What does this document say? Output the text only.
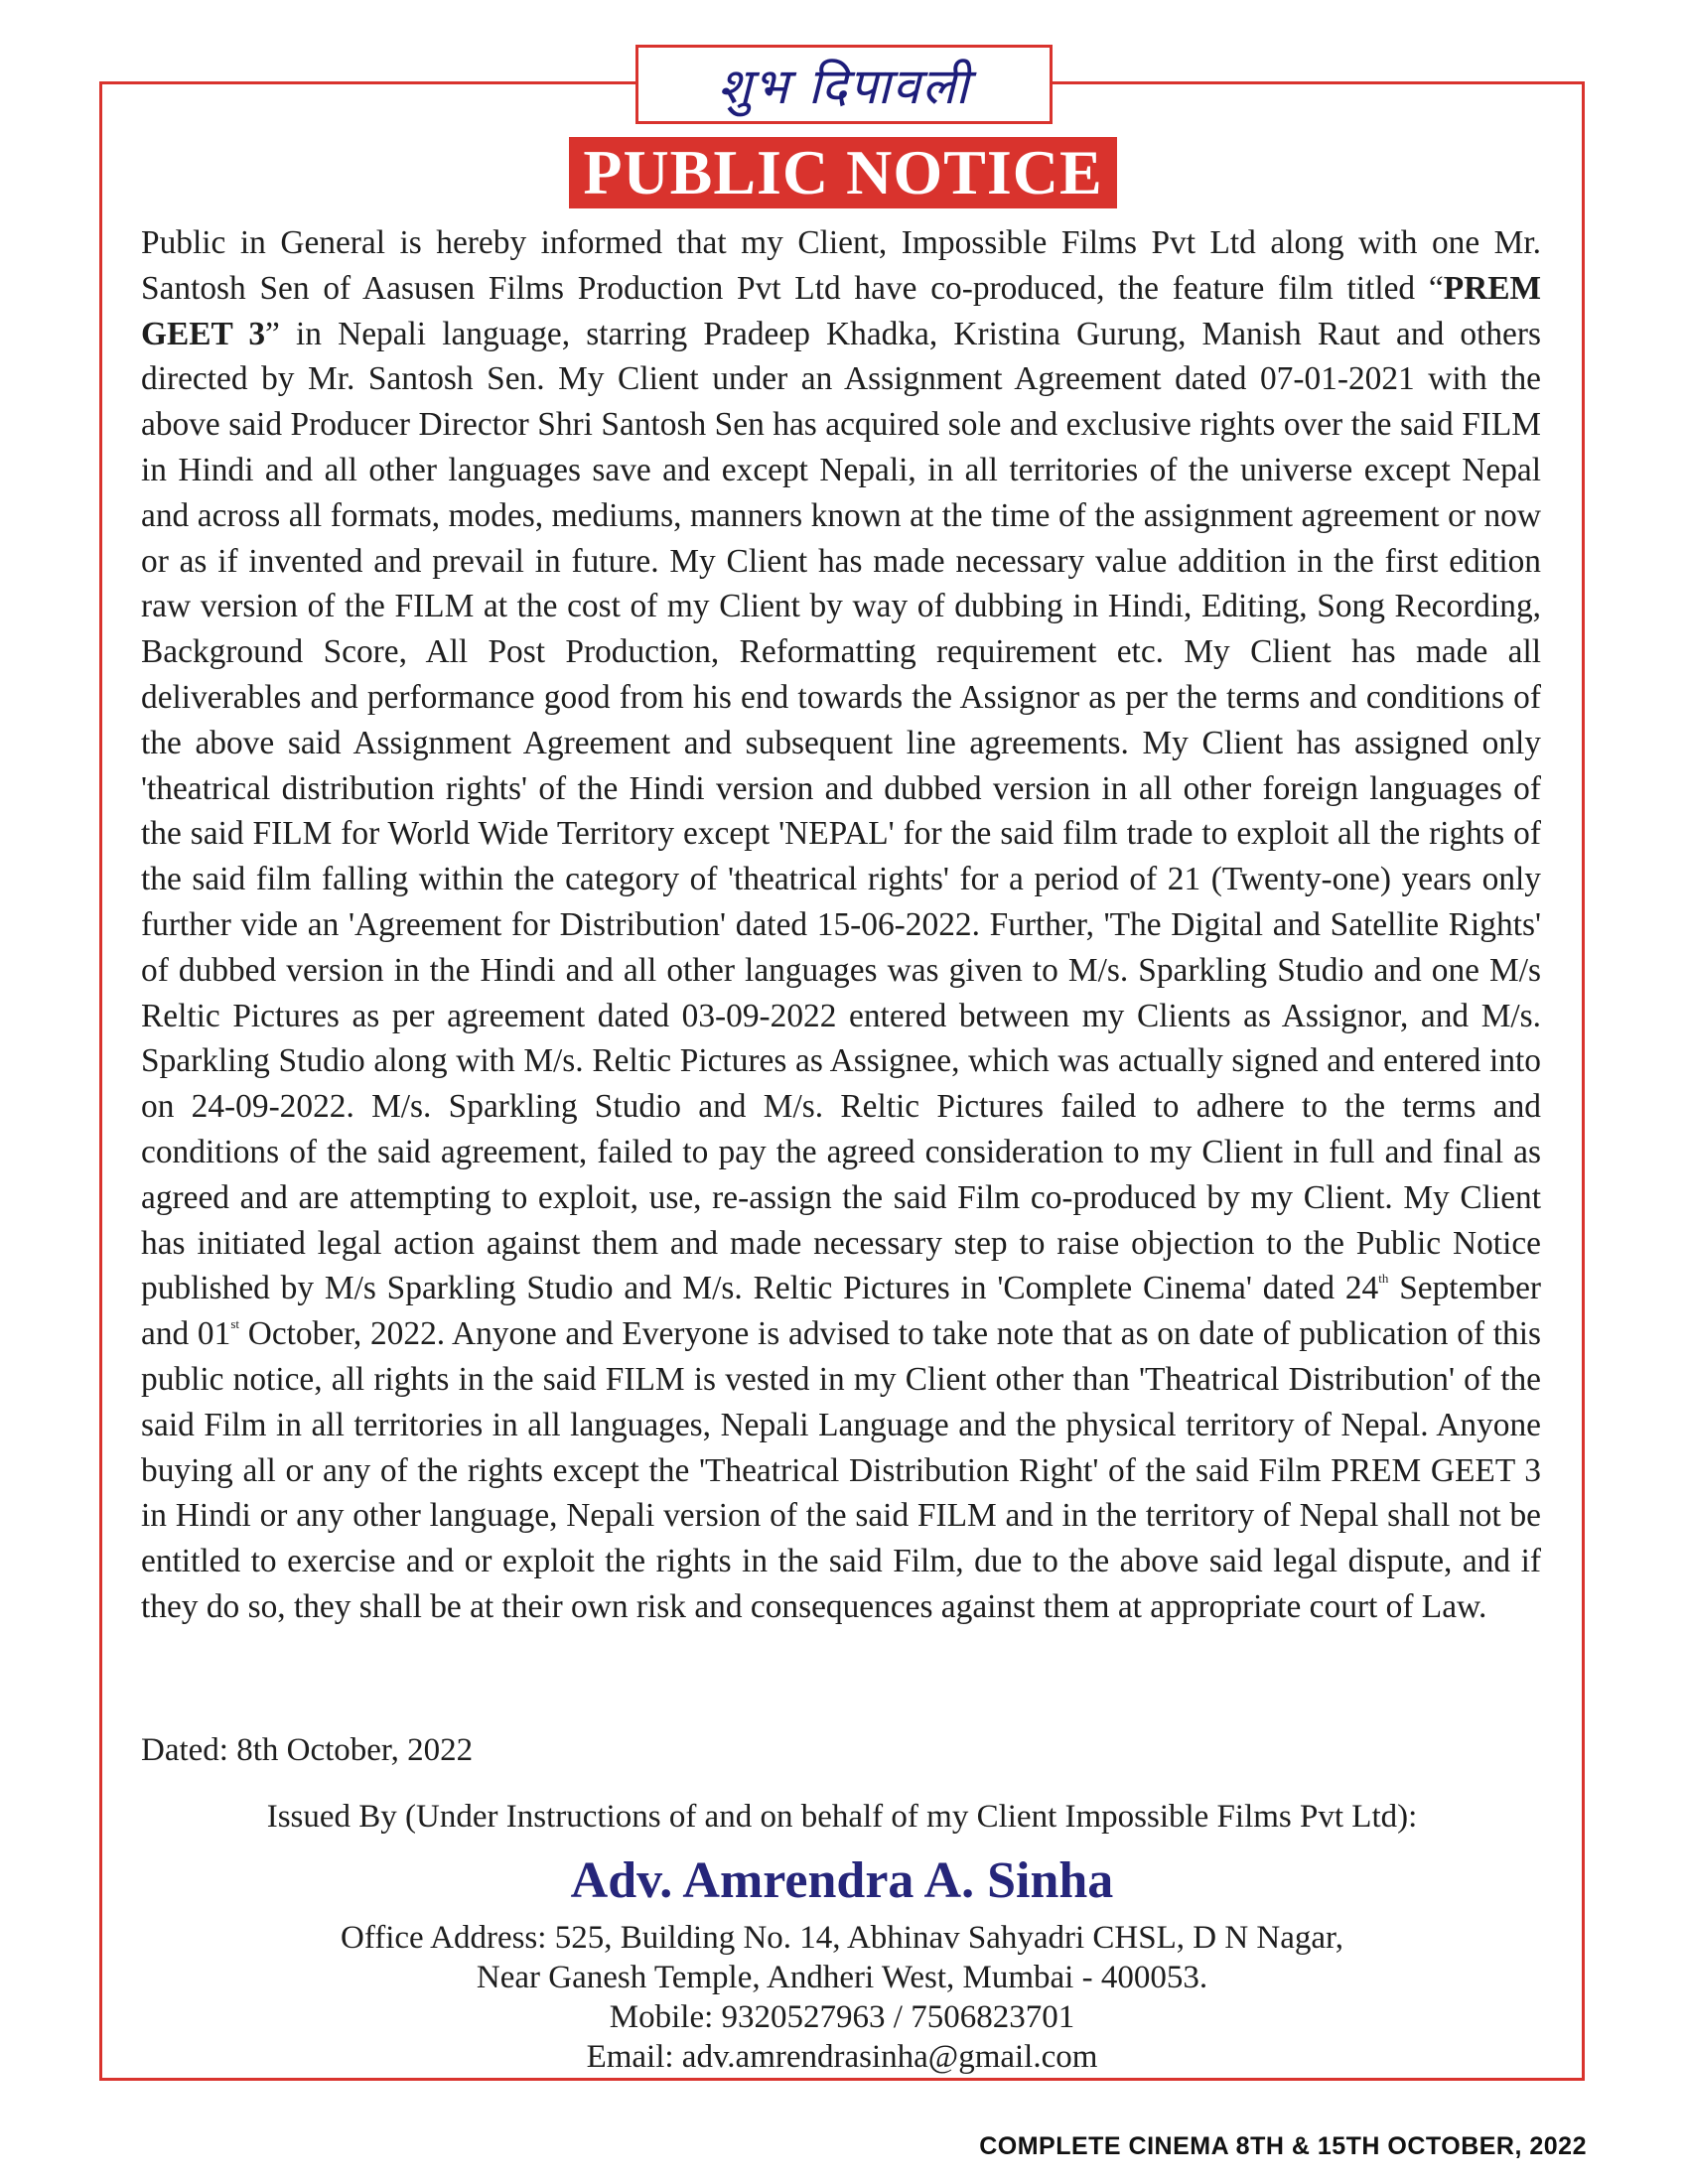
शुभ दिपावली
PUBLIC NOTICE

Public in General is hereby informed that my Client, Impossible Films Pvt Ltd along with one Mr. Santosh Sen of Aasusen Films Production Pvt Ltd have co-produced, the feature film titled “PREM GEET 3” in Nepali language, starring Pradeep Khadka, Kristina Gurung, Manish Raut and others directed by Mr. Santosh Sen. My Client under an Assignment Agreement dated 07-01-2021 with the above said Producer Director Shri Santosh Sen has acquired sole and exclusive rights over the said FILM in Hindi and all other languages save and except Nepali, in all territories of the universe except Nepal and across all formats, modes, mediums, manners known at the time of the assignment agreement or now or as if invented and prevail in future. My Client has made necessary value addition in the first edition raw version of the FILM at the cost of my Client by way of dubbing in Hindi, Editing, Song Recording, Background Score, All Post Production, Reformatting requirement etc. My Client has made all deliverables and performance good from his end towards the Assignor as per the terms and conditions of the above said Assignment Agreement and subsequent line agreements. My Client has assigned only 'theatrical distribution rights' of the Hindi version and dubbed version in all other foreign languages of the said FILM for World Wide Territory except 'NEPAL' for the said film trade to exploit all the rights of the said film falling within the category of 'theatrical rights' for a period of 21 (Twenty-one) years only further vide an 'Agreement for Distribution' dated 15-06-2022. Further, 'The Digital and Satellite Rights' of dubbed version in the Hindi and all other languages was given to M/s. Sparkling Studio and one M/s Reltic Pictures as per agreement dated 03-09-2022 entered between my Clients as Assignor, and M/s. Sparkling Studio along with M/s. Reltic Pictures as Assignee, which was actually signed and entered into on 24-09-2022. M/s. Sparkling Studio and M/s. Reltic Pictures failed to adhere to the terms and conditions of the said agreement, failed to pay the agreed consideration to my Client in full and final as agreed and are attempting to exploit, use, re-assign the said Film co-produced by my Client. My Client has initiated legal action against them and made necessary step to raise objection to the Public Notice published by M/s Sparkling Studio and M/s. Reltic Pictures in 'Complete Cinema' dated 24th September and 01st October, 2022. Anyone and Everyone is advised to take note that as on date of publication of this public notice, all rights in the said FILM is vested in my Client other than 'Theatrical Distribution' of the said Film in all territories in all languages, Nepali Language and the physical territory of Nepal. Anyone buying all or any of the rights except the 'Theatrical Distribution Right' of the said Film PREM GEET 3 in Hindi or any other language, Nepali version of the said FILM and in the territory of Nepal shall not be entitled to exercise and or exploit the rights in the said Film, due to the above said legal dispute, and if they do so, they shall be at their own risk and consequences against them at appropriate court of Law.

Dated: 8th October, 2022
Issued By (Under Instructions of and on behalf of my Client Impossible Films Pvt Ltd):
Adv. Amrendra A. Sinha
Office Address: 525, Building No. 14, Abhinav Sahyadri CHSL, D N Nagar,
Near Ganesh Temple, Andheri West, Mumbai - 400053.
Mobile: 9320527963 / 7506823701
Email: adv.amrendrasinha@gmail.com
COMPLETE CINEMA 8TH & 15TH OCTOBER, 2022
